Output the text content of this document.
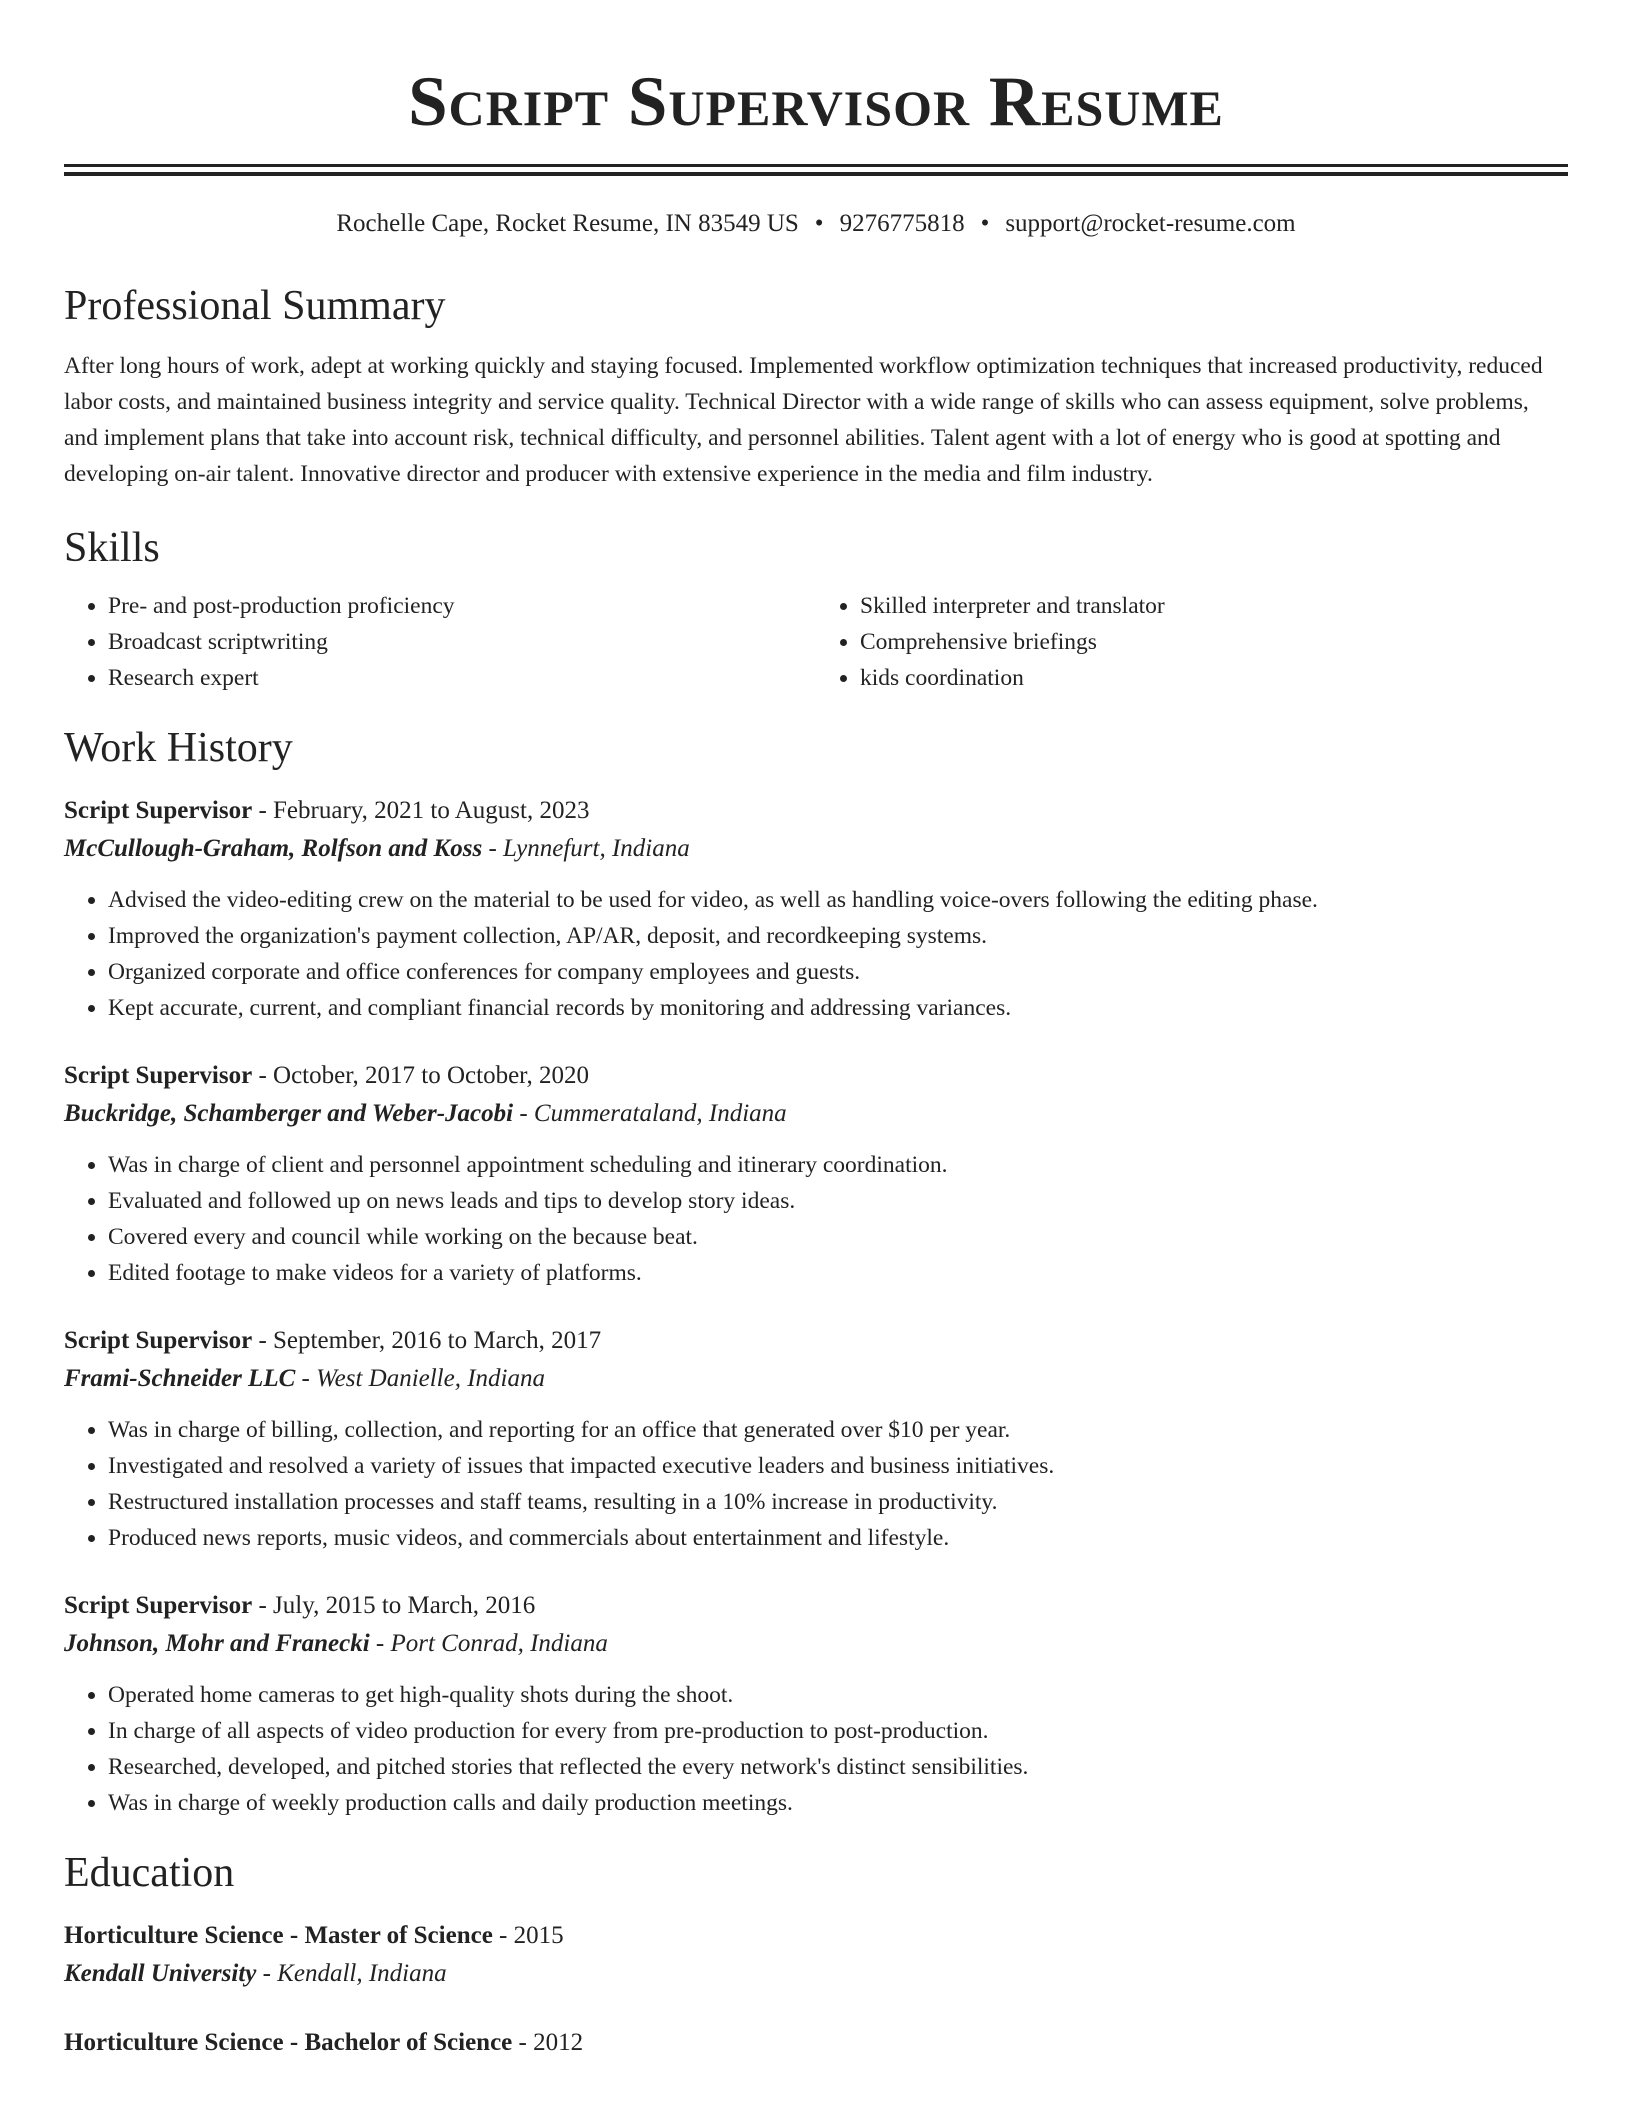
Script Supervisor Resume
Rochelle Cape, Rocket Resume, IN 83549 US • 9276775818 • support@rocket-resume.com
Professional Summary
After long hours of work, adept at working quickly and staying focused. Implemented workflow optimization techniques that increased productivity, reduced labor costs, and maintained business integrity and service quality. Technical Director with a wide range of skills who can assess equipment, solve problems, and implement plans that take into account risk, technical difficulty, and personnel abilities. Talent agent with a lot of energy who is good at spotting and developing on-air talent. Innovative director and producer with extensive experience in the media and film industry.
Skills
• Pre- and post-production proficiency
• Broadcast scriptwriting
• Research expert
• Skilled interpreter and translator
• Comprehensive briefings
• kids coordination
Work History
Script Supervisor - February, 2021 to August, 2023
McCullough-Graham, Rolfson and Koss - Lynnefurt, Indiana
• Advised the video-editing crew on the material to be used for video, as well as handling voice-overs following the editing phase.
• Improved the organization's payment collection, AP/AR, deposit, and recordkeeping systems.
• Organized corporate and office conferences for company employees and guests.
• Kept accurate, current, and compliant financial records by monitoring and addressing variances.
Script Supervisor - October, 2017 to October, 2020
Buckridge, Schamberger and Weber-Jacobi - Cummerataland, Indiana
• Was in charge of client and personnel appointment scheduling and itinerary coordination.
• Evaluated and followed up on news leads and tips to develop story ideas.
• Covered every and council while working on the because beat.
• Edited footage to make videos for a variety of platforms.
Script Supervisor - September, 2016 to March, 2017
Frami-Schneider LLC - West Danielle, Indiana
• Was in charge of billing, collection, and reporting for an office that generated over $10 per year.
• Investigated and resolved a variety of issues that impacted executive leaders and business initiatives.
• Restructured installation processes and staff teams, resulting in a 10% increase in productivity.
• Produced news reports, music videos, and commercials about entertainment and lifestyle.
Script Supervisor - July, 2015 to March, 2016
Johnson, Mohr and Franecki - Port Conrad, Indiana
• Operated home cameras to get high-quality shots during the shoot.
• In charge of all aspects of video production for every from pre-production to post-production.
• Researched, developed, and pitched stories that reflected the every network's distinct sensibilities.
• Was in charge of weekly production calls and daily production meetings.
Education
Horticulture Science - Master of Science - 2015
Kendall University - Kendall, Indiana
Horticulture Science - Bachelor of Science - 2012
